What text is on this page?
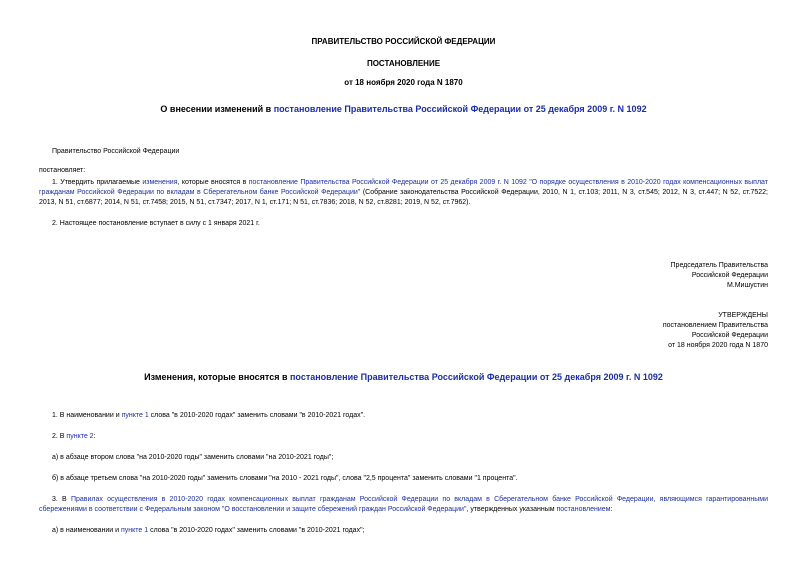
ПРАВИТЕЛЬСТВО РОССИЙСКОЙ ФЕДЕРАЦИИ
ПОСТАНОВЛЕНИЕ
от 18 ноября 2020 года N 1870
О внесении изменений в постановление Правительства Российской Федерации от 25 декабря 2009 г. N 1092
Правительство Российской Федерации
постановляет:
1. Утвердить прилагаемые изменения, которые вносятся в постановление Правительства Российской Федерации от 25 декабря 2009 г. N 1092 "О порядке осуществления в 2010-2020 годах компенсационных выплат гражданам Российской Федерации по вкладам в Сберегательном банке Российской Федерации" (Собрание законодательства Российской Федерации, 2010, N 1, ст.103; 2011, N 3, ст.545; 2012, N 3, ст.447; N 52, ст.7522; 2013, N 51, ст.6877; 2014, N 51, ст.7458; 2015, N 51, ст.7347; 2017, N 1, ст.171; N 51, ст.7836; 2018, N 52, ст.8281; 2019, N 52, ст.7962).
2. Настоящее постановление вступает в силу с 1 января 2021 г.
Председатель Правительства
Российской Федерации
М.Мишустин
УТВЕРЖДЕНЫ
постановлением Правительства
Российской Федерации
от 18 ноября 2020 года N 1870
Изменения, которые вносятся в постановление Правительства Российской Федерации от 25 декабря 2009 г. N 1092
1. В наименовании и пункте 1 слова "в 2010-2020 годах" заменить словами "в 2010-2021 годах".
2. В пункте 2:
а) в абзаце втором слова "на 2010-2020 годы" заменить словами "на 2010-2021 годы";
б) в абзаце третьем слова "на 2010-2020 годы" заменить словами "на 2010 - 2021 годы", слова "2,5 процента" заменить словами "1 процента".
3. В Правилах осуществления в 2010-2020 годах компенсационных выплат гражданам Российской Федерации по вкладам в Сберегательном банке Российской Федерации, являющимся гарантированными сбережениями в соответствии с Федеральным законом "О восстановлении и защите сбережений граждан Российской Федерации", утвержденных указанным постановлением:
а) в наименовании и пункте 1 слова "в 2010-2020 годах" заменить словами "в 2010-2021 годах";
